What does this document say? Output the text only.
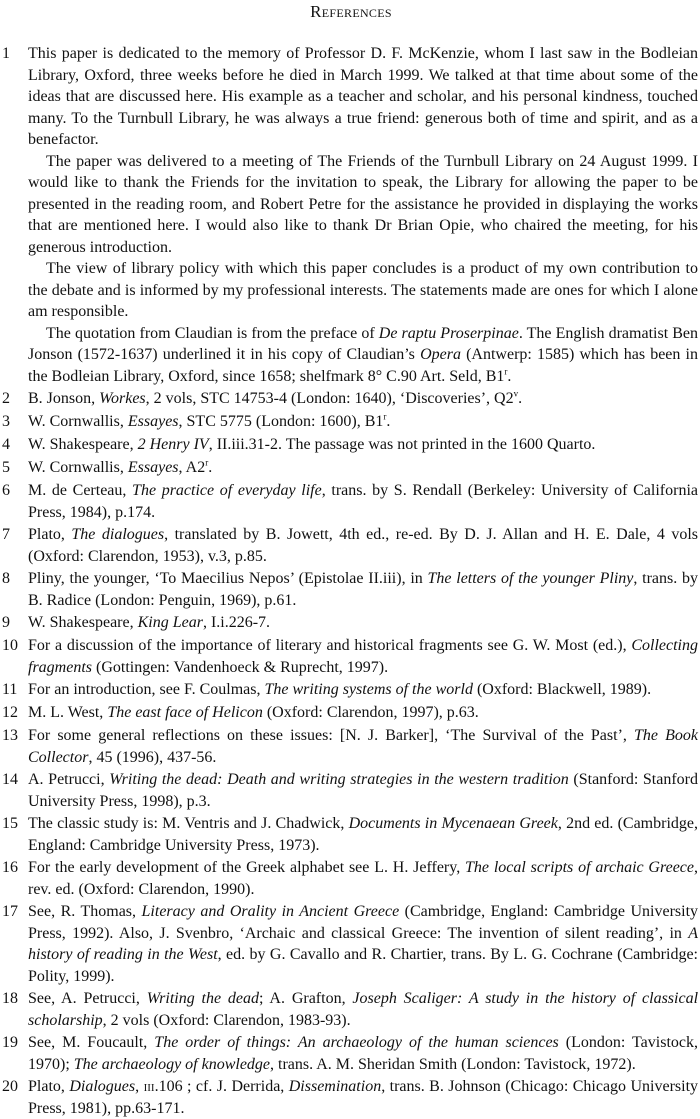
References
1	This paper is dedicated to the memory of Professor D. F. McKenzie, whom I last saw in the Bodleian Library, Oxford, three weeks before he died in March 1999. We talked at that time about some of the ideas that are discussed here. His example as a teacher and scholar, and his personal kindness, touched many. To the Turnbull Library, he was always a true friend: generous both of time and spirit, and as a benefactor.

The paper was delivered to a meeting of The Friends of the Turnbull Library on 24 August 1999. I would like to thank the Friends for the invitation to speak, the Library for allowing the paper to be presented in the reading room, and Robert Petre for the assistance he provided in displaying the works that are mentioned here. I would also like to thank Dr Brian Opie, who chaired the meeting, for his generous introduction.

The view of library policy with which this paper concludes is a product of my own contribution to the debate and is informed by my professional interests. The statements made are ones for which I alone am responsible.

The quotation from Claudian is from the preface of De raptu Proserpinae. The English dramatist Ben Jonson (1572-1637) underlined it in his copy of Claudian’s Opera (Antwerp: 1585) which has been in the Bodleian Library, Oxford, since 1658; shelfmark 8° C.90 Art. Seld, B1$^r$.

2	B. Jonson, Workes, 2 vols, STC 14753-4 (London: 1640), ‘Discoveries’, Q2$^v$.

3	W. Cornwallis, Essayes, STC 5775 (London: 1600), B1$^r$.

4	W. Shakespeare, 2 Henry IV, II.iii.31-2. The passage was not printed in the 1600 Quarto.

5	W. Cornwallis, Essayes, A2$^r$.

6	M. de Certeau, The practice of everyday life, trans. by S. Rendall (Berkeley: University of California Press, 1984), p.174.

7	Plato, The dialogues, translated by B. Jowett, 4th ed., re-ed. By D. J. Allan and H. E. Dale, 4 vols (Oxford: Clarendon, 1953), v.3, p.85.

8	Pliny, the younger, ‘To Maecilius Nepos’ (Epistolae II.iii), in The letters of the younger Pliny, trans. by B. Radice (London: Penguin, 1969), p.61.

9	W. Shakespeare, King Lear, I.i.226-7.

10 For a discussion of the importance of literary and historical fragments see G. W. Most (ed.), Collecting fragments (Gottingen: Vandenhoeck & Ruprecht, 1997).

11 For an introduction, see F. Coulmas, The writing systems of the world (Oxford: Blackwell, 1989).

12 M. L. West, The east face of Helicon (Oxford: Clarendon, 1997), p.63.

13 For some general reflections on these issues: [N. J. Barker], ‘The Survival of the Past’, The Book Collector, 45 (1996), 437-56.

14 A. Petrucci, Writing the dead: Death and writing strategies in the western tradition (Stanford: Stanford University Press, 1998), p.3.

15 The classic study is: M. Ventris and J. Chadwick, Documents in Mycenaean Greek, 2nd ed. (Cambridge, England: Cambridge University Press, 1973).

16 For the early development of the Greek alphabet see L. H. Jeffery, The local scripts of archaic Greece, rev. ed. (Oxford: Clarendon, 1990).

17 See, R. Thomas, Literacy and Orality in Ancient Greece (Cambridge, England: Cambridge University Press, 1992). Also, J. Svenbro, ‘Archaic and classical Greece: The invention of silent reading’, in A history of reading in the West, ed. by G. Cavallo and R. Chartier, trans. By L. G. Cochrane (Cambridge: Polity, 1999).

18 See, A. Petrucci, Writing the dead; A. Grafton, Joseph Scaliger: A study in the history of classical scholarship, 2 vols (Oxford: Clarendon, 1983-93).

19 See, M. Foucault, The order of things: An archaeology of the human sciences (London: Tavistock, 1970); The archaeology of knowledge, trans. A. M. Sheridan Smith (London: Tavistock, 1972).

20 Plato, Dialogues, iii.106 ; cf. J. Derrida, Dissemination, trans. B. Johnson (Chicago: Chicago University Press, 1981), pp.63-171.
